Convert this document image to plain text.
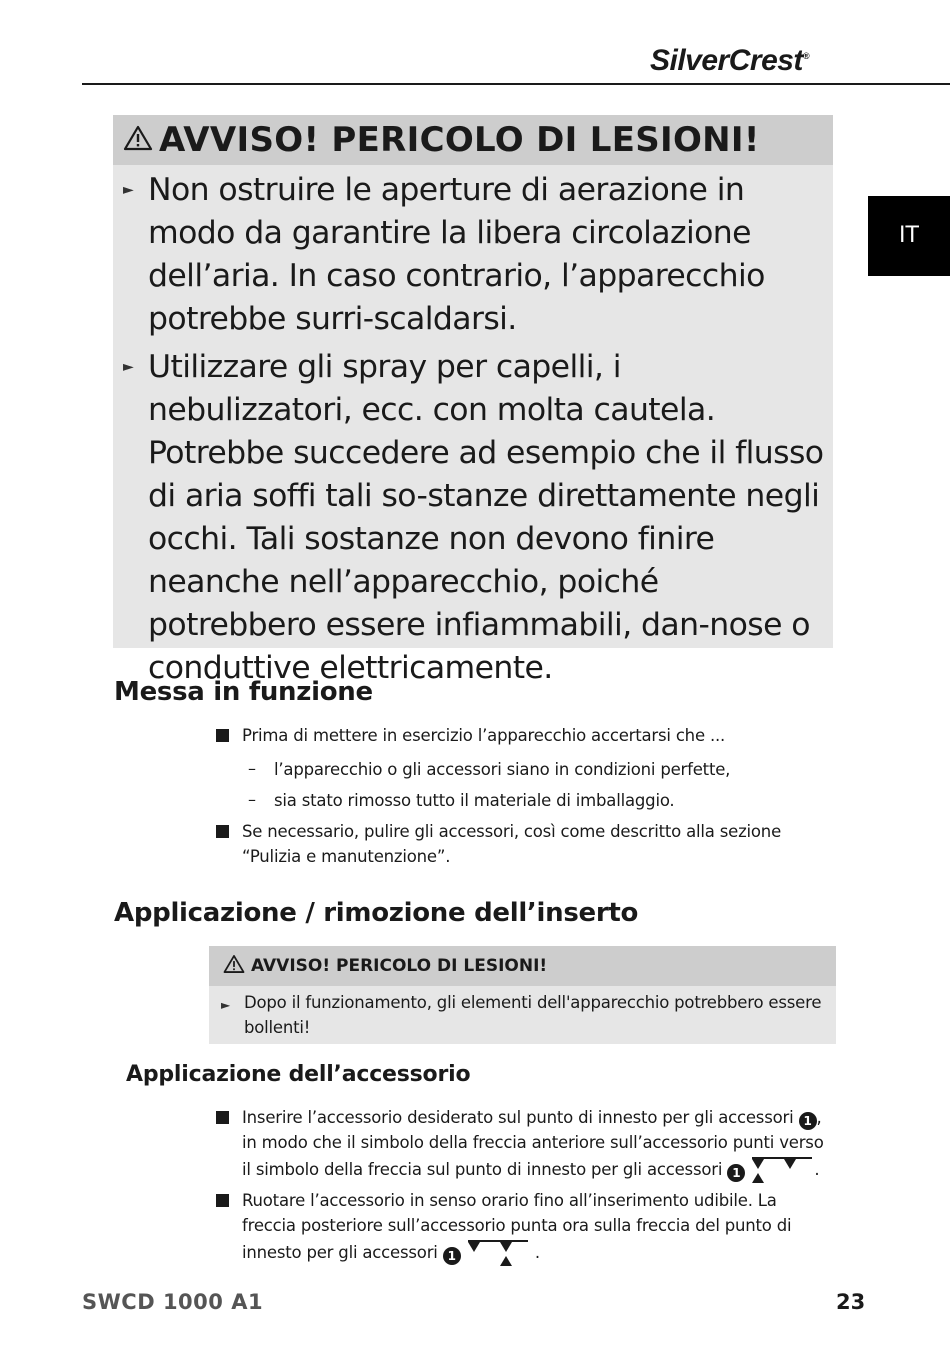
SilverCrest®
IT
AVVISO! PERICOLO DI LESIONI!
► Non ostruire le aperture di aerazione in modo da garantire la libera circolazione dell’aria. In caso contrario, l’apparecchio potrebbe surri-scaldarsi.
► Utilizzare gli spray per capelli, i nebulizzatori, ecc. con molta cautela. Potrebbe succedere ad esempio che il flusso di aria soffi tali so-stanze direttamente negli occhi. Tali sostanze non devono finire neanche nell’apparecchio, poiché potrebbero essere infiammabili, dan-nose o conduttive elettricamente.
Messa in funzione
Prima di mettere in esercizio l’apparecchio accertarsi che ...
– l’apparecchio o gli accessori siano in condizioni perfette,
– sia stato rimosso tutto il materiale di imballaggio.
Se necessario, pulire gli accessori, così come descritto alla sezione “Pulizia e manutenzione”.
Applicazione / rimozione dell’inserto
AVVISO! PERICOLO DI LESIONI!
► Dopo il funzionamento, gli elementi dell'apparecchio potrebbero essere bollenti!
Applicazione dell’accessorio
Inserire l’accessorio desiderato sul punto di innesto per gli accessori 1 , in modo che il simbolo della freccia anteriore sull’accessorio punti verso il simbolo della freccia sul punto di innesto per gli accessori 1	.
Ruotare l’accessorio in senso orario fino all’inserimento udibile. La freccia posteriore sull’accessorio punta ora sulla freccia del punto di innesto per gli accessori 1	.
SWCD 1000 A1	23
